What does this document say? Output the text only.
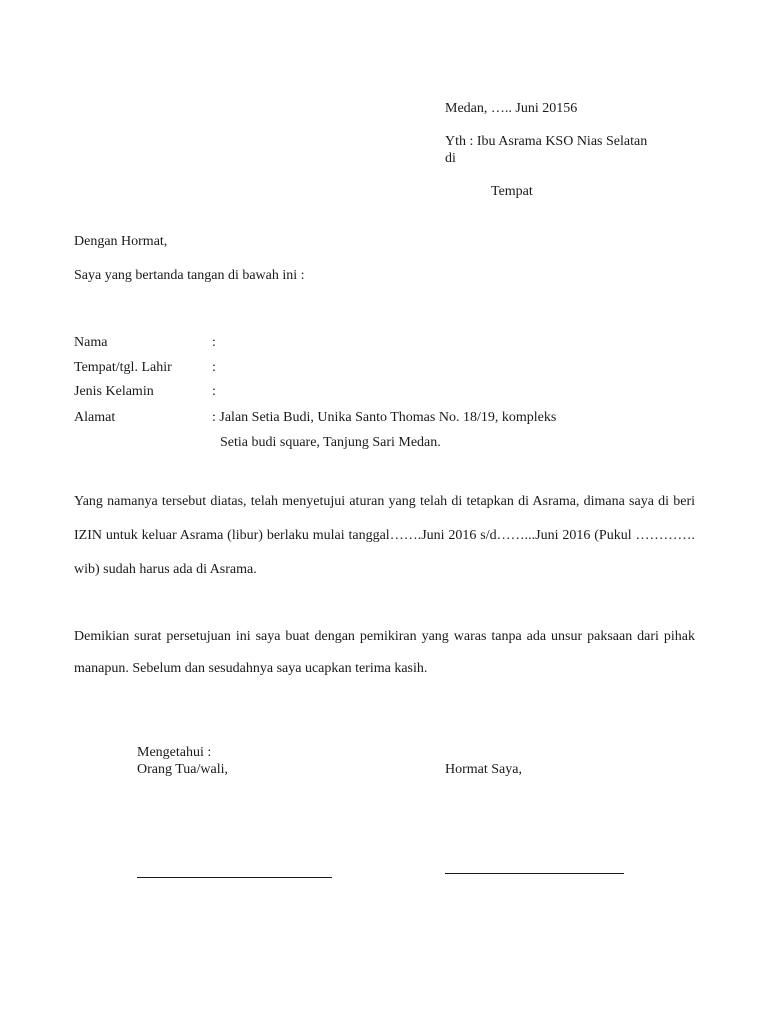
Medan, ….. Juni 20156
Yth : Ibu Asrama KSO Nias Selatan
di
Tempat
Dengan Hormat,
Saya yang bertanda tangan di bawah ini :
Nama	:
Tempat/tgl. Lahir	:
Jenis Kelamin	:
Alamat	: Jalan Setia Budi, Unika Santo Thomas No. 18/19, kompleks
Setia budi square, Tanjung Sari Medan.

Yang namanya tersebut diatas, telah menyetujui aturan yang telah di tetapkan di Asrama, dimana saya di beri IZIN untuk keluar Asrama (libur) berlaku mulai tanggal…….Juni 2016 s/d……...Juni 2016 (Pukul …………. wib) sudah harus ada di Asrama.

Demikian surat persetujuan ini saya buat dengan pemikiran yang waras tanpa ada unsur paksaan dari pihak manapun. Sebelum dan sesudahnya saya ucapkan terima kasih.

Mengetahui :
Orang Tua/wali,	Hormat Saya,
